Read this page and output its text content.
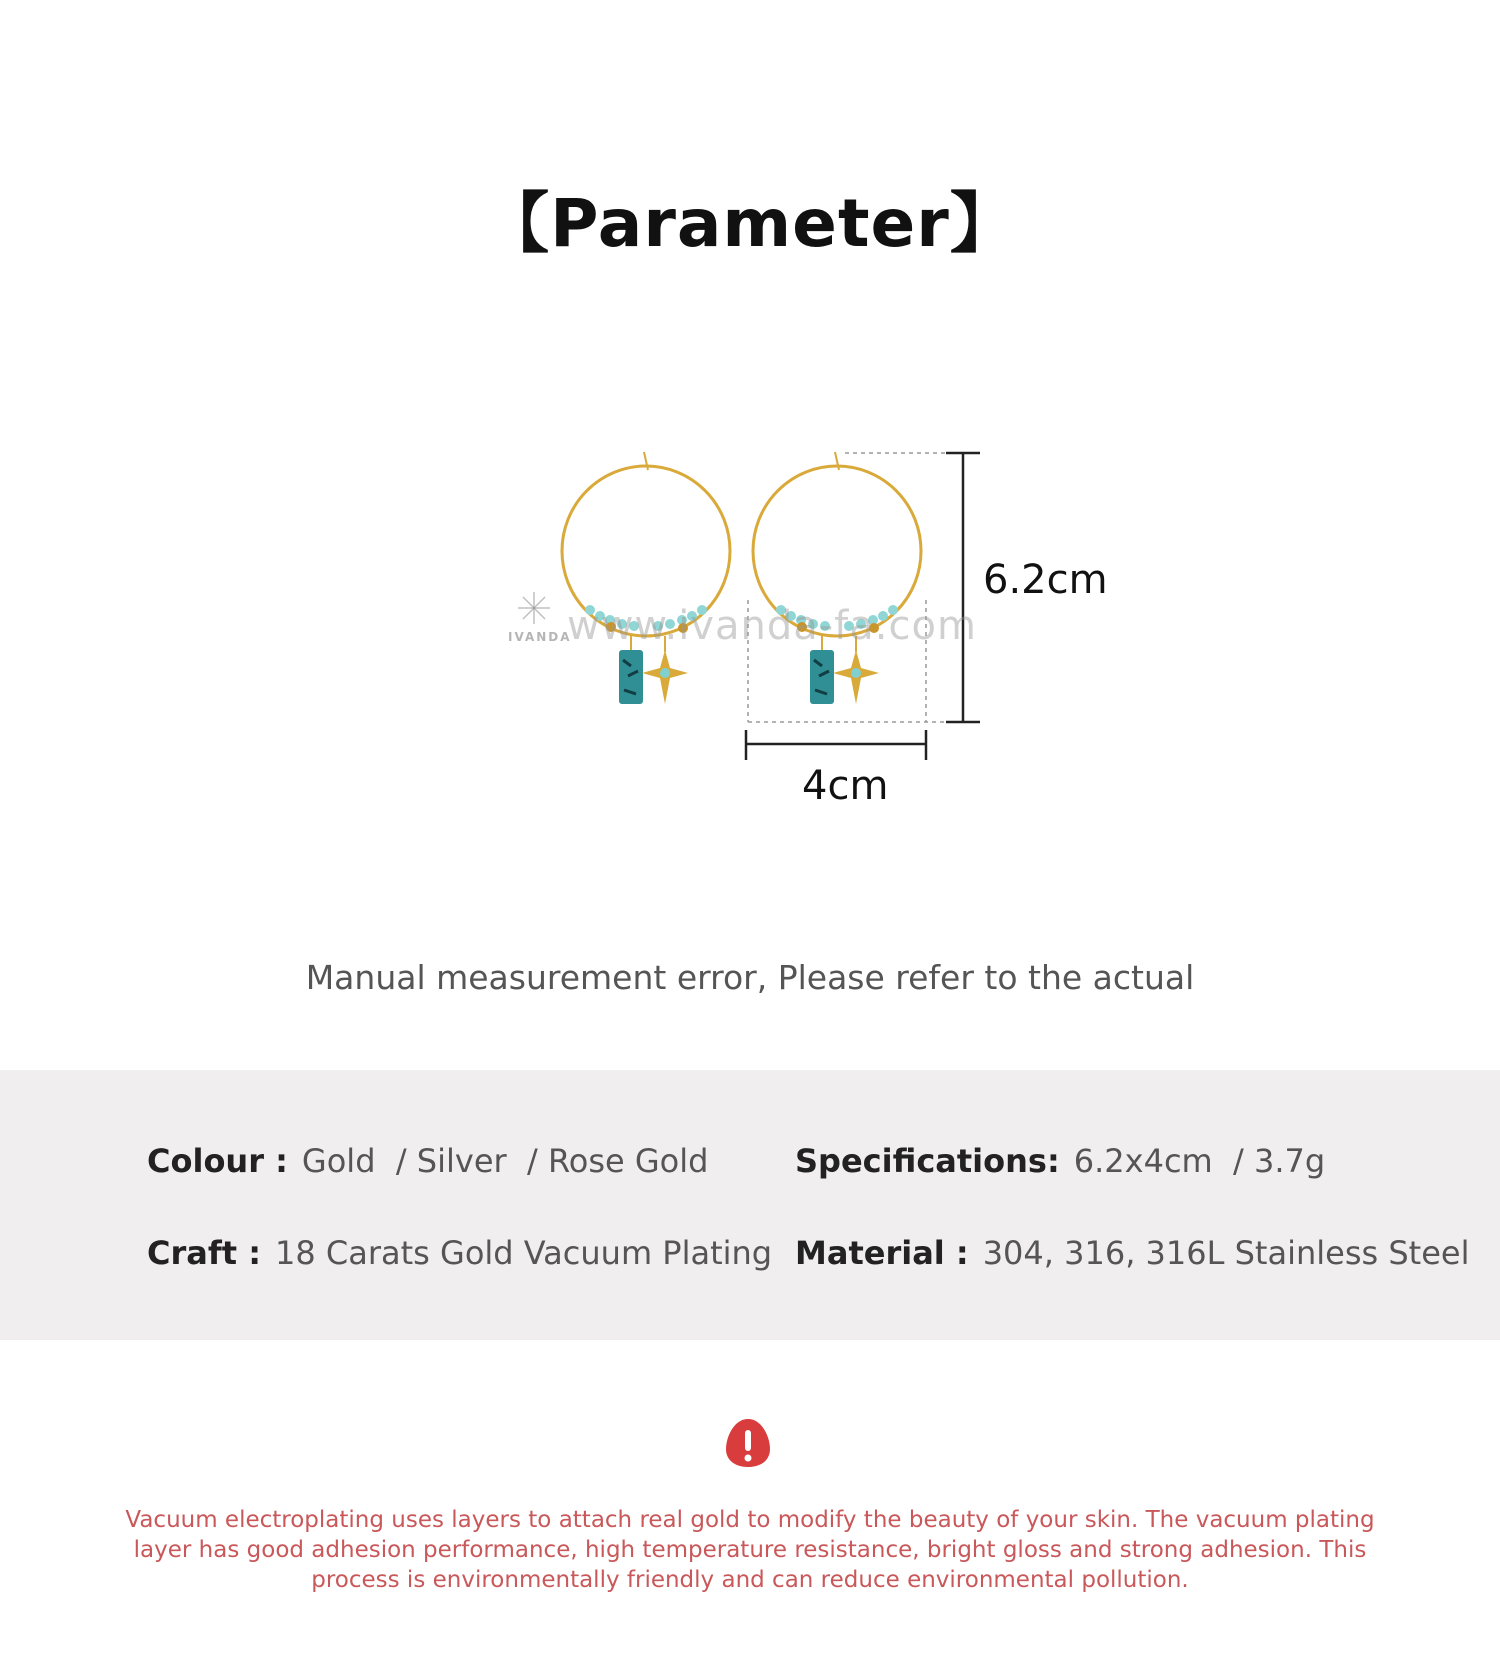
【Parameter】
6.2cm
4cm
www.ivanda-fa.com
IVANDA
Manual measurement error, Please refer to the actual
Colour : Gold  / Silver  / Rose Gold	Specifications: 6.2x4cm  / 3.7g
Craft : 18 Carats Gold Vacuum Plating Material : 304, 316, 316L Stainless Steel
Vacuum electroplating uses layers to attach real gold to modify the beauty of your skin. The vacuum plating layer has good adhesion performance, high temperature resistance, bright gloss and strong adhesion. This process is environmentally friendly and can reduce environmental pollution.
